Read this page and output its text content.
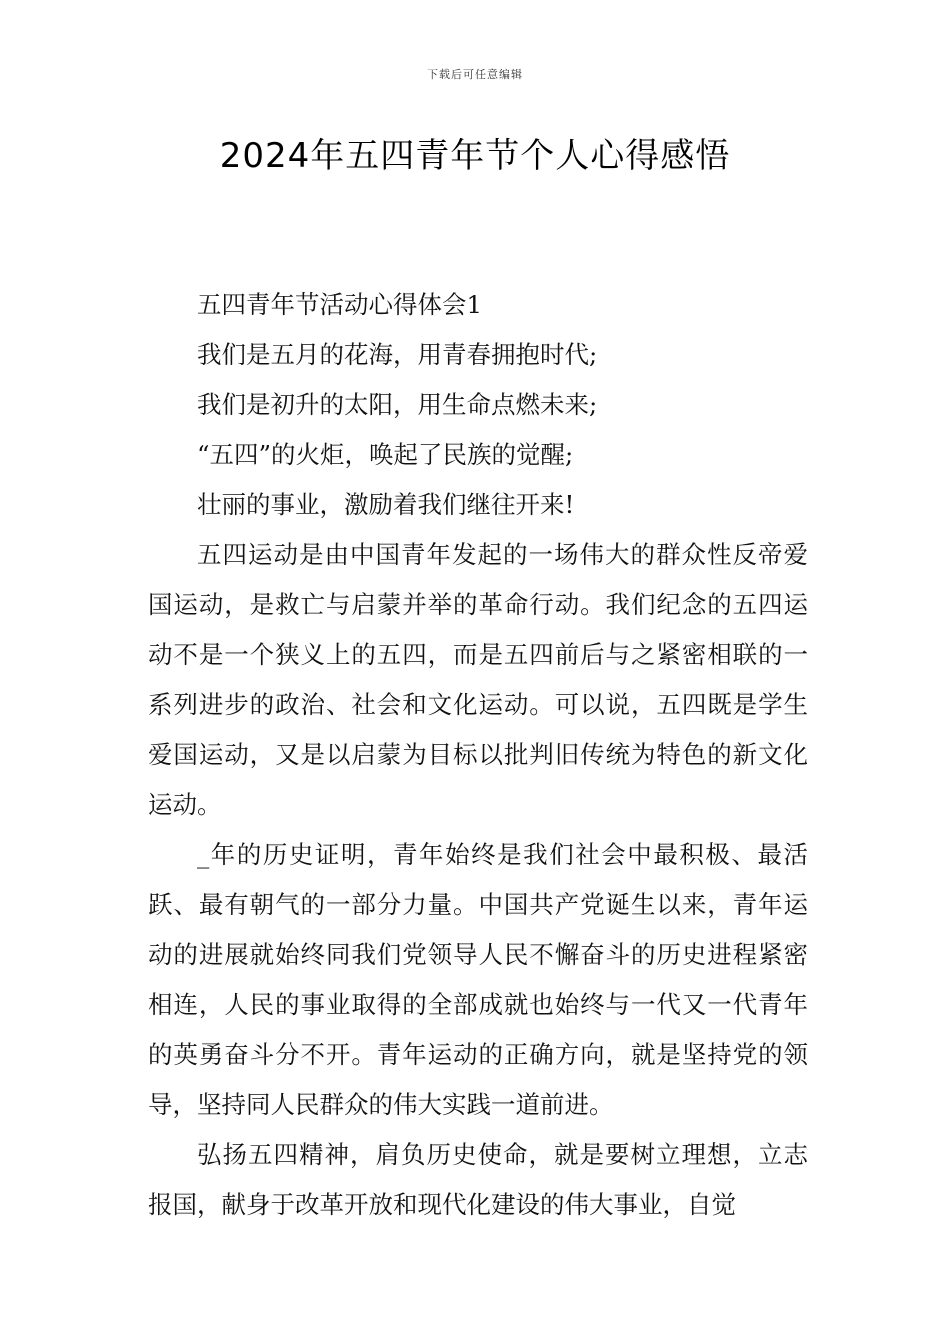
下载后可任意编辑
2024年五四青年节个人心得感悟

五四青年节活动心得体会1

我们是五月的花海，用青春拥抱时代;

我们是初升的太阳，用生命点燃未来;

“五四”的火炬，唤起了民族的觉醒;

壮丽的事业，激励着我们继往开来!

五四运动是由中国青年发起的一场伟大的群众性反帝爱国运动，是救亡与启蒙并举的革命行动。我们纪念的五四运动不是一个狭义上的五四，而是五四前后与之紧密相联的一系列进步的政治、社会和文化运动。可以说，五四既是学生爱国运动，又是以启蒙为目标以批判旧传统为特色的新文化运动。

_年的历史证明，青年始终是我们社会中最积极、最活跃、最有朝气的一部分力量。中国共产党诞生以来，青年运动的进展就始终同我们党领导人民不懈奋斗的历史进程紧密相连，人民的事业取得的全部成就也始终与一代又一代青年的英勇奋斗分不开。青年运动的正确方向，就是坚持党的领导，坚持同人民群众的伟大实践一道前进。

弘扬五四精神，肩负历史使命，就是要树立理想，立志报国，献身于改革开放和现代化建设的伟大事业，自觉
